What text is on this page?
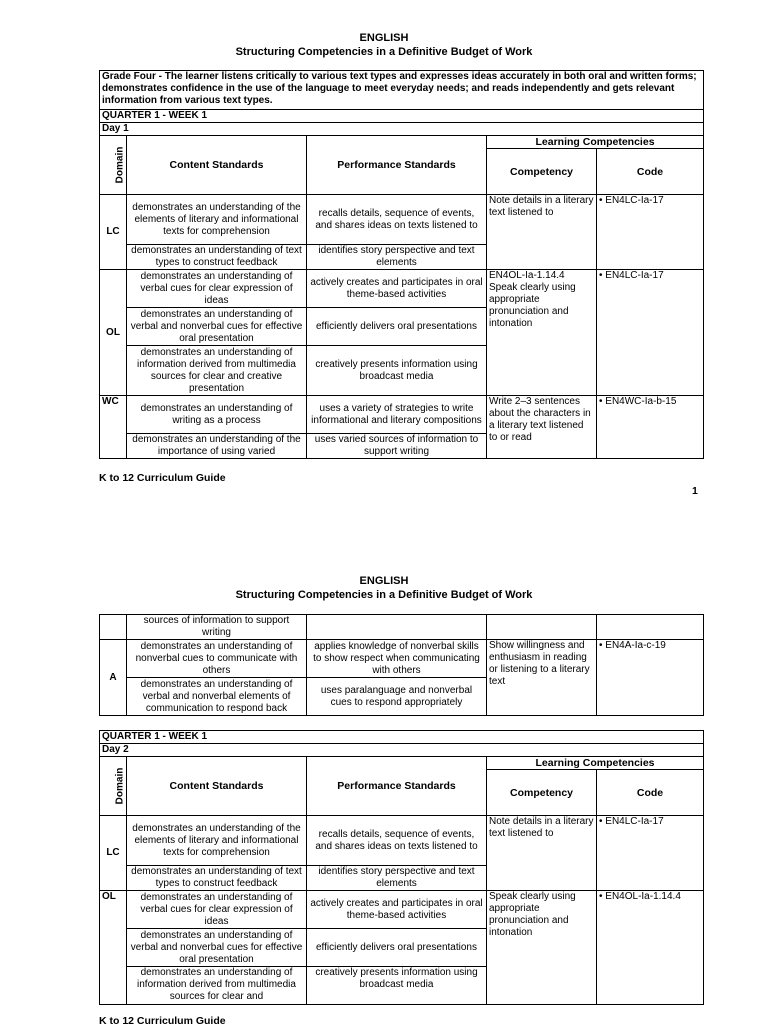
ENGLISH
Structuring Competencies in a Definitive Budget of Work
Grade Four - The learner listens critically to various text types and expresses ideas accurately in both oral and written forms; demonstrates confidence in the use of the language to meet everyday needs; and reads independently and gets relevant information from various text types.				
QUARTER 1 - WEEK 1				
Day 1				
Domain	Content Standards	Performance Standards	Learning Competencies	
			Competency	Code
LC	demonstrates an understanding of the elements of literary and informational texts for comprehension	recalls details, sequence of events, and shares ideas on texts listened to	Note details in a literary text listened to	• EN4LC-Ia-17
	demonstrates an understanding of text types to construct feedback	identifies story perspective and text elements		
OL	demonstrates an understanding of verbal cues for clear expression of ideas	actively creates and participates in oral theme-based activities	EN4OL-Ia-1.14.4 Speak clearly using appropriate pronunciation and intonation	• EN4LC-Ia-17
	demonstrates an understanding of verbal and nonverbal cues for effective oral presentation	efficiently delivers oral presentations		
	demonstrates an understanding of information derived from multimedia sources for clear and creative presentation	creatively presents information using broadcast media		
WC	demonstrates an understanding of writing as a process	uses a variety of strategies to write informational and literary compositions	Write 2–3 sentences about the characters in a literary text listened to or read	• EN4WC-Ia-b-15
	demonstrates an understanding of the importance of using varied	uses varied sources of information to support writing		
K to 12 Curriculum Guide
1
ENGLISH
Structuring Competencies in a Definitive Budget of Work
	sources of information to support writing			
A	demonstrates an understanding of nonverbal cues to communicate with others	applies knowledge of nonverbal skills to show respect when communicating with others	Show willingness and enthusiasm in reading or listening to a literary text	• EN4A-Ia-c-19
	demonstrates an understanding of verbal and nonverbal elements of communication to respond back	uses paralanguage and nonverbal cues to respond appropriately		
QUARTER 1 - WEEK 1				
Day 2				
Domain	Content Standards	Performance Standards	Learning Competencies	
			Competency	Code
LC	demonstrates an understanding of the elements of literary and informational texts for comprehension	recalls details, sequence of events, and shares ideas on texts listened to	Note details in a literary text listened to	• EN4LC-Ia-17
	demonstrates an understanding of text types to construct feedback	identifies story perspective and text elements		
OL	demonstrates an understanding of verbal cues for clear expression of ideas	actively creates and participates in oral theme-based activities	Speak clearly using appropriate pronunciation and intonation	• EN4OL-Ia-1.14.4
	demonstrates an understanding of verbal and nonverbal cues for effective oral presentation	efficiently delivers oral presentations		
	demonstrates an understanding of information derived from multimedia sources for clear and	creatively presents information using broadcast media		
K to 12 Curriculum Guide
